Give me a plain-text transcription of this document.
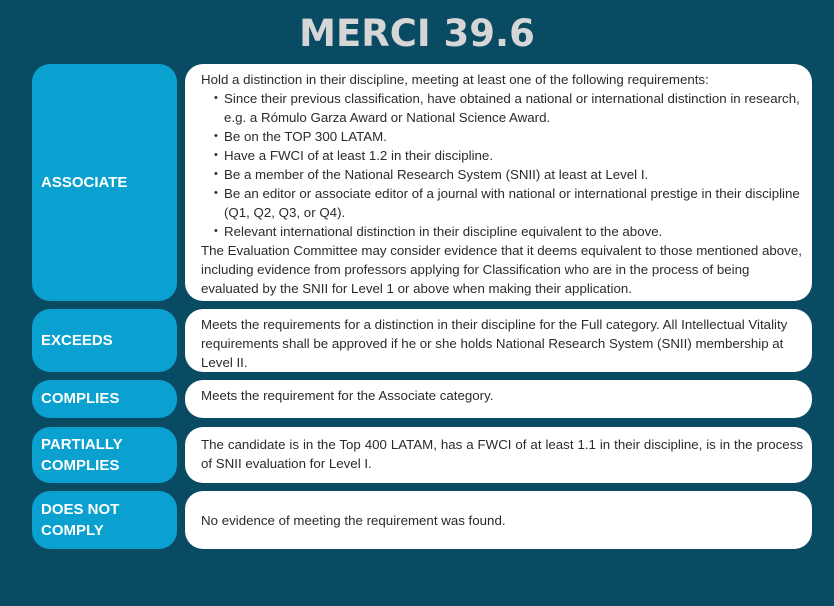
MERCI 39.6
ASSOCIATE
Hold a distinction in their discipline, meeting at least one of the following requirements:
• Since their previous classification, have obtained a national or international distinction in research, e.g. a Rómulo Garza Award or National Science Award.
• Be on the TOP 300 LATAM.
• Have a FWCI of at least 1.2 in their discipline.
• Be a member of the National Research System (SNII) at least at Level I.
• Be an editor or associate editor of a journal with national or international prestige in their discipline (Q1, Q2, Q3, or Q4).
• Relevant international distinction in their discipline equivalent to the above.
The Evaluation Committee may consider evidence that it deems equivalent to those mentioned above, including evidence from professors applying for Classification who are in the process of being evaluated by the SNII for Level 1 or above when making their application.
EXCEEDS
Meets the requirements for a distinction in their discipline for the Full category. All Intellectual Vitality requirements shall be approved if he or she holds National Research System (SNII) membership at Level II.
COMPLIES	Meets the requirement for the Associate category.
PARTIALLY
COMPLIES
The candidate is in the Top 400 LATAM, has a FWCI of at least 1.1 in their discipline, is in the process of SNII evaluation for Level I.
DOES NOT
COMPLY
No evidence of meeting the requirement was found.
